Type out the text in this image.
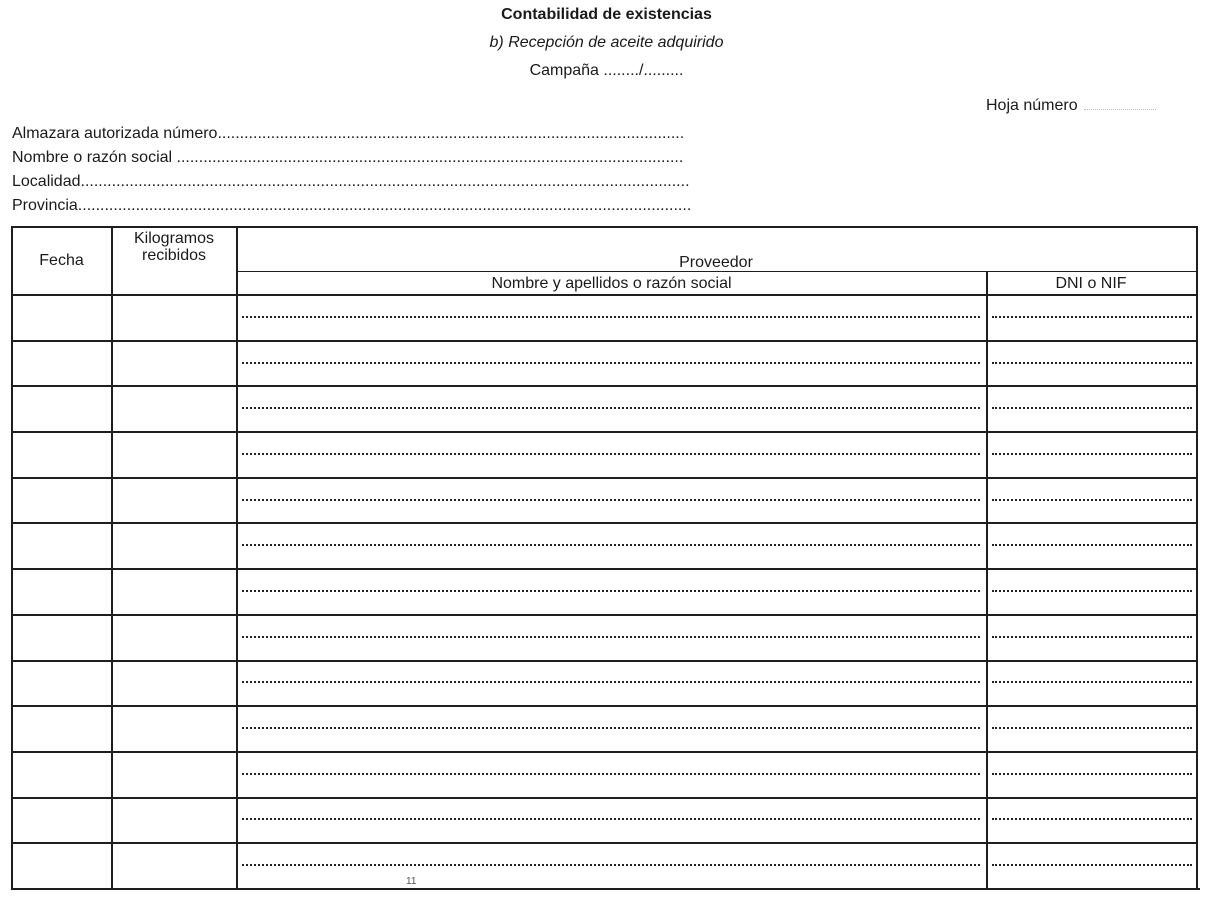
Contabilidad de existencias
b) Recepción de aceite adquirido
Campaña ......../.........
Hoja número
Almazara autorizada número.........................................................................................................
Nombre o razón social ..................................................................................................................
Localidad.........................................................................................................................................
Provincia..........................................................................................................................................
Fecha
Kilogramos
recibidos	Proveedor
Nombre y apellidos o razón social	DNI o NIF
11
